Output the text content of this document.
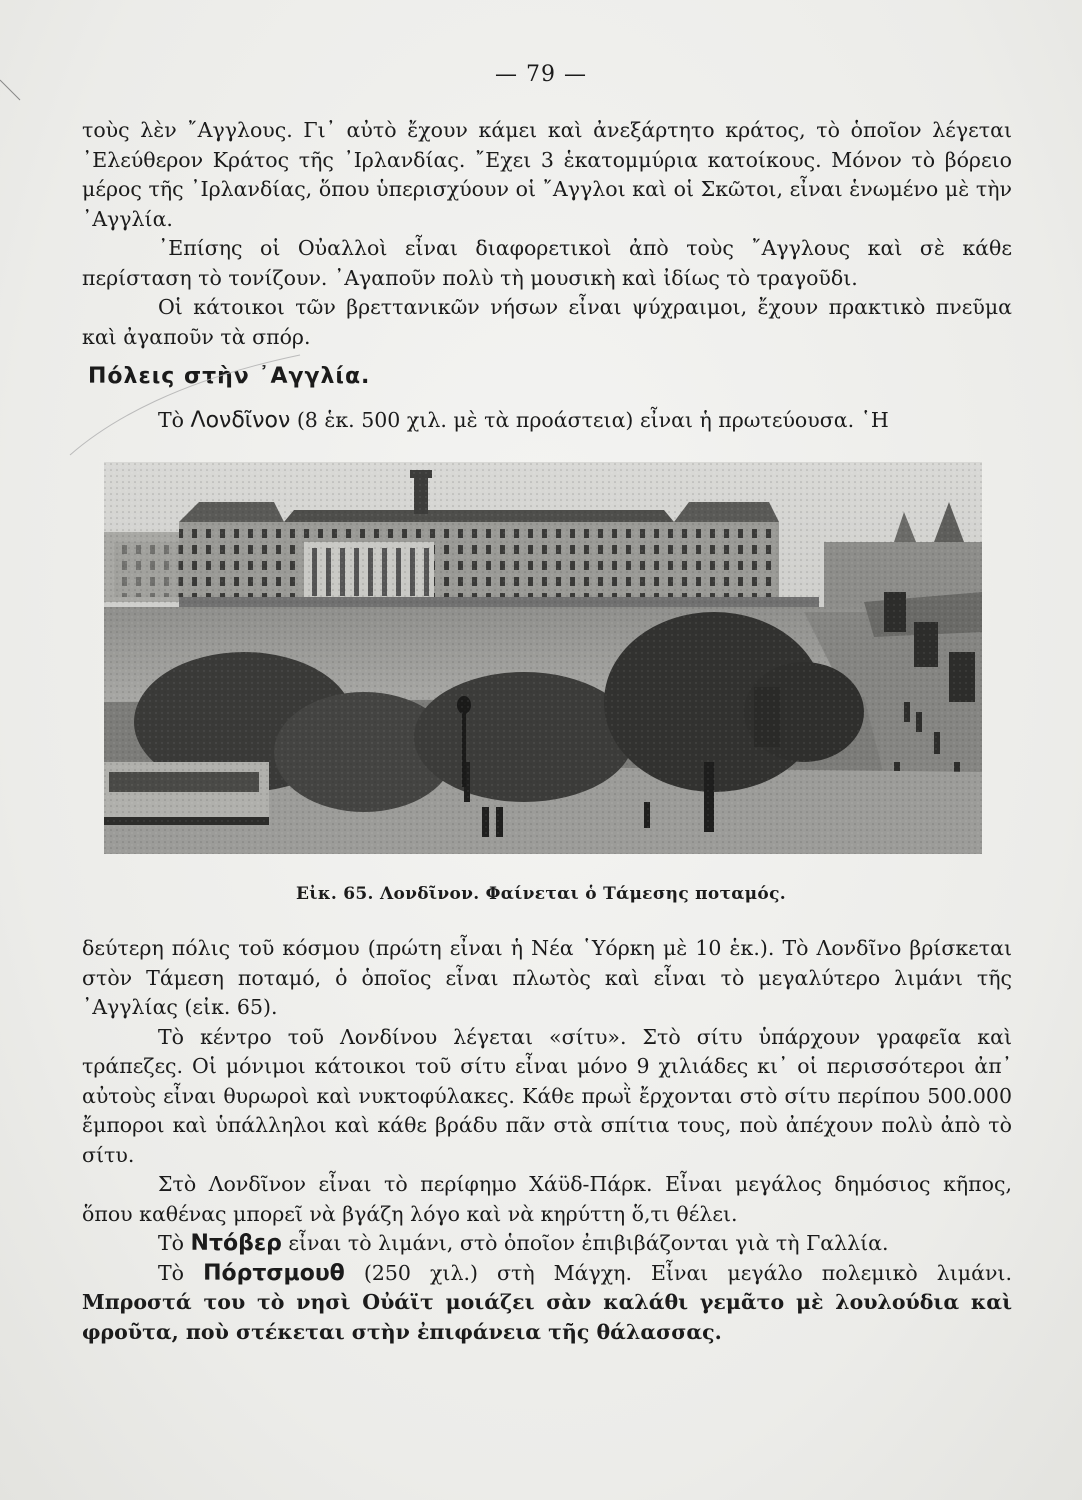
— 79 —

τοὺς λὲν ῎Αγγλους. Γι᾽ αὐτὸ ἔχουν κάμει καὶ ἀνεξάρτητο κράτος, τὸ ὁποῖον λέγεται ᾽Ελεύθερον Κράτος τῆς ᾽Ιρλανδίας. ῎Εχει 3 ἑκατομμύρια κατοίκους. Μόνον τὸ βόρειο μέρος τῆς ᾽Ιρλανδίας, ὅπου ὑπερισχύουν οἱ ῎Αγγλοι καὶ οἱ Σκῶτοι, εἶναι ἑνωμένο μὲ τὴν ᾽Αγγλία.

᾽Επίσης οἱ Οὐαλλοὶ εἶναι διαφορετικοὶ ἀπὸ τοὺς ῎Αγγλους καὶ σὲ κάθε περίσταση τὸ τονίζουν. ᾽Αγαποῦν πολὺ τὴ μουσικὴ καὶ ἰδίως τὸ τραγοῦδι.

Οἱ κάτοικοι τῶν βρεττανικῶν νήσων εἶναι ψύχραιμοι, ἔχουν πρακτικὸ πνεῦμα καὶ ἀγαποῦν τὰ σπόρ.

Πόλεις στὴν ᾽Αγγλία.
Τὸ Λονδῖνον (8 ἑκ. 500 χιλ. μὲ τὰ προάστεια) εἶναι ἡ πρωτεύουσα. ῾Η
Εἰκ. 65. Λονδῖνον. Φαίνεται ὁ Τάμεσης ποταμός.

δεύτερη πόλις τοῦ κόσμου (πρώτη εἶναι ἡ Νέα ῾Υόρκη μὲ 10 ἑκ.). Τὸ Λονδῖνο βρίσκεται στὸν Τάμεση ποταμό, ὁ ὁποῖος εἶναι πλωτὸς καὶ εἶναι τὸ μεγαλύτερο λιμάνι τῆς ᾽Αγγλίας (εἰκ. 65).

Τὸ κέντρο τοῦ Λονδίνου λέγεται «σίτυ». Στὸ σίτυ ὑπάρχουν γραφεῖα καὶ τράπεζες. Οἱ μόνιμοι κάτοικοι τοῦ σίτυ εἶναι μόνο 9 χιλιάδες κι᾽ οἱ περισσότεροι ἀπ᾽ αὐτοὺς εἶναι θυρωροὶ καὶ νυκτοφύλακες. Κάθε πρωῒ ἔρχονται στὸ σίτυ περίπου 500.000 ἔμποροι καὶ ὑπάλληλοι καὶ κάθε βράδυ πᾶν στὰ σπίτια τους, ποὺ ἀπέχουν πολὺ ἀπὸ τὸ σίτυ.

Στὸ Λονδῖνον εἶναι τὸ περίφημο Χάϋδ-Πάρκ. Εἶναι μεγάλος δημόσιος κῆπος, ὅπου καθένας μπορεῖ νὰ βγάζη λόγο καὶ νὰ κηρύττη ὅ,τι θέλει.

Τὸ Ντόβερ εἶναι τὸ λιμάνι, στὸ ὁποῖον ἐπιβιβάζονται γιὰ τὴ Γαλλία.

Τὸ Πόρτσμουθ (250 χιλ.) στὴ Μάγχη. Εἶναι μεγάλο πολεμικὸ λιμάνι. Μπροστά του τὸ νησὶ Οὐάϊτ μοιάζει σὰν καλάθι γεμᾶτο μὲ λουλούδια καὶ φροῦτα, ποὺ στέκεται στὴν ἐπιφάνεια τῆς θάλασσας.
